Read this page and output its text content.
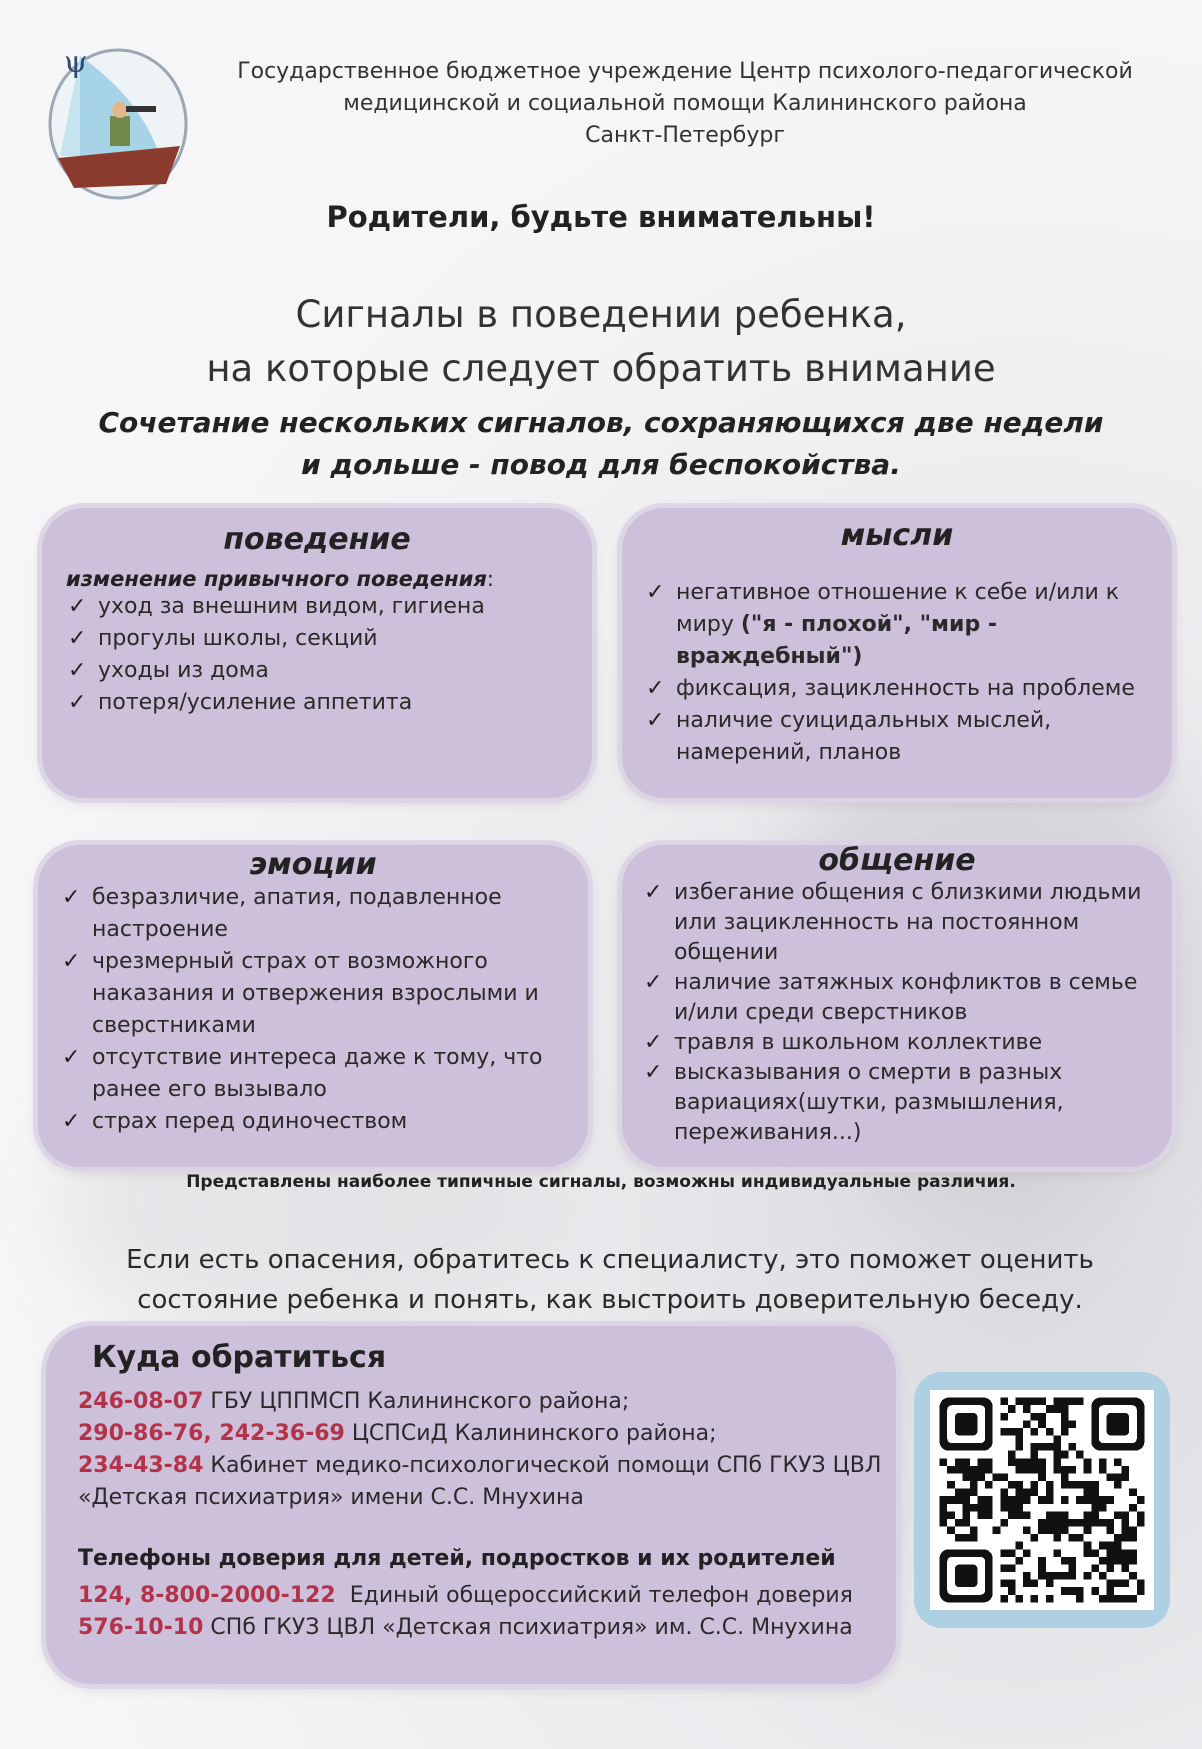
ψ	Государственное бюджетное учреждение Центр психолого-педагогической
медицинской и социальной помощи Калининского района
Санкт-Петербург
Родители, будьте внимательны!
Сигналы в поведении ребенка,
на которые следует обратить внимание
Сочетание нескольких сигналов, сохраняющихся две недели
и дольше - повод для беспокойства.
поведение
изменение привычного поведения:
✓ уход за внешним видом, гигиена
✓ прогулы школы, секций
✓ уходы из дома
✓ потеря/усиление аппетита
мысли
✓ негативное отношение к себе и/или к миру ("я - плохой", "мир - враждебный")
✓ фиксация, зацикленность на проблеме
✓ наличие суицидальных мыслей, намерений, планов
эмоции
✓ безразличие, апатия, подавленное настроение
✓ чрезмерный страх от возможного наказания и отвержения взрослыми и сверстниками
✓ отсутствие интереса даже к тому, что ранее его вызывало
✓ страх перед одиночеством
общение
✓ избегание общения с близкими людьми или зацикленность на постоянном общении
✓ наличие затяжных конфликтов в семье и/или среди сверстников
✓ травля в школьном коллективе
✓ высказывания о смерти в разных вариациях(шутки, размышления, переживания...)
Представлены наиболее типичные сигналы, возможны индивидуальные различия.
Если есть опасения, обратитесь к специалисту, это поможет оценить
состояние ребенка и понять, как выстроить доверительную беседу.
Куда обратиться
246-08-07 ГБУ ЦППМСП Калининского района;
290-86-76, 242-36-69 ЦСПСиД Калининского района;
234-43-84 Кабинет медико-психологической помощи СПб ГКУЗ ЦВЛ
«Детская психиатрия» имени С.С. Мнухина
Телефоны доверия для детей, подростков и их родителей
124, 8-800-2000-122  Единый общероссийский телефон доверия
576-10-10 СПб ГКУЗ ЦВЛ «Детская психиатрия» им. С.С. Мнухина
